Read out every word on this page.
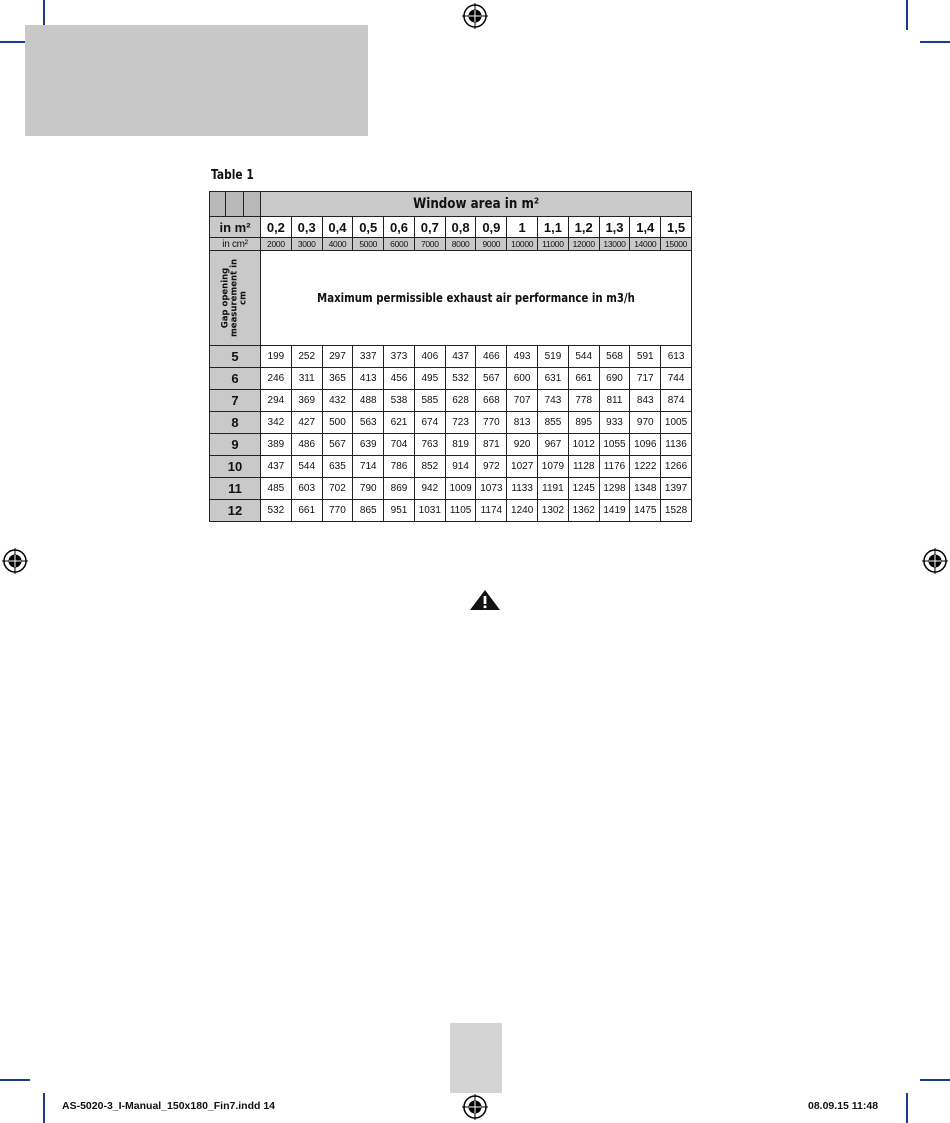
Table 1
			Window area in m²													
in m²			0,2	0,3	0,4	0,5	0,6	0,7	0,8	0,9	1	1,1	1,2	1,3	1,4	1,5
in cm²			2000	3000	4000	5000	6000	7000	8000	9000	10000	11000	12000	13000	14000	15000

Gap opening measurement in cm			Maximum permissible exhaust air performance in m3/h													
5			199	252	297	337	373	406	437	466	493	519	544	568	591	613
6			246	311	365	413	456	495	532	567	600	631	661	690	717	744
7			294	369	432	488	538	585	628	668	707	743	778	811	843	874
8			342	427	500	563	621	674	723	770	813	855	895	933	970	1005
9			389	486	567	639	704	763	819	871	920	967	1012	1055	1096	1136
10			437	544	635	714	786	852	914	972	1027	1079	1128	1176	1222	1266
11			485	603	702	790	869	942	1009	1073	1133	1191	1245	1298	1348	1397
12			532	661	770	865	951	1031	1105	1174	1240	1302	1362	1419	1475	1528
AS-5020-3_I-Manual_150x180_Fin7.indd 14	08.09.15 11:48
